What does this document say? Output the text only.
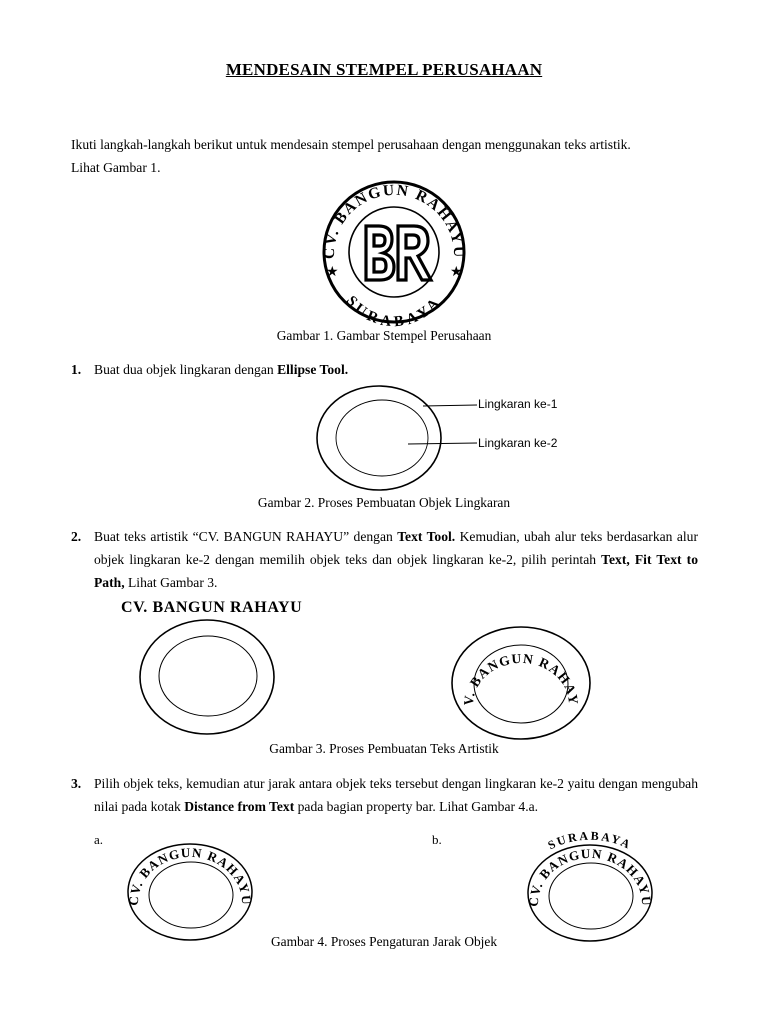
MENDESAIN STEMPEL PERUSAHAAN
Ikuti langkah-langkah berikut untuk mendesain stempel perusahaan dengan menggunakan teks artistik.
Lihat Gambar 1.
CV. BANGUN RAHAYU
SURABAYA
★	★
Gambar 1. Gambar Stempel Perusahaan
1. Buat dua objek lingkaran dengan Ellipse Tool.
Lingkaran ke-1
Lingkaran ke-2
Gambar 2. Proses Pembuatan Objek Lingkaran
2. Buat teks artistik “CV. BANGUN RAHAYU” dengan Text Tool. Kemudian, ubah alur teks berdasarkan alur objek lingkaran ke-2 dengan memilih objek teks dan objek lingkaran ke-2, pilih perintah Text, Fit Text to Path, Lihat Gambar 3.
CV. BANGUN RAHAYU	CV. BANGUN RAHAYU
Gambar 3. Proses Pembuatan Teks Artistik
3. Pilih objek teks, kemudian atur jarak antara objek teks tersebut dengan lingkaran ke-2 yaitu dengan mengubah nilai pada kotak Distance from Text pada bagian property bar. Lihat Gambar 4.a.
a.	b.
CV. BANGUN RAHAYU
SURABAYA
CV. BANGUN RAHAYU
Gambar 4. Proses Pengaturan Jarak Objek
